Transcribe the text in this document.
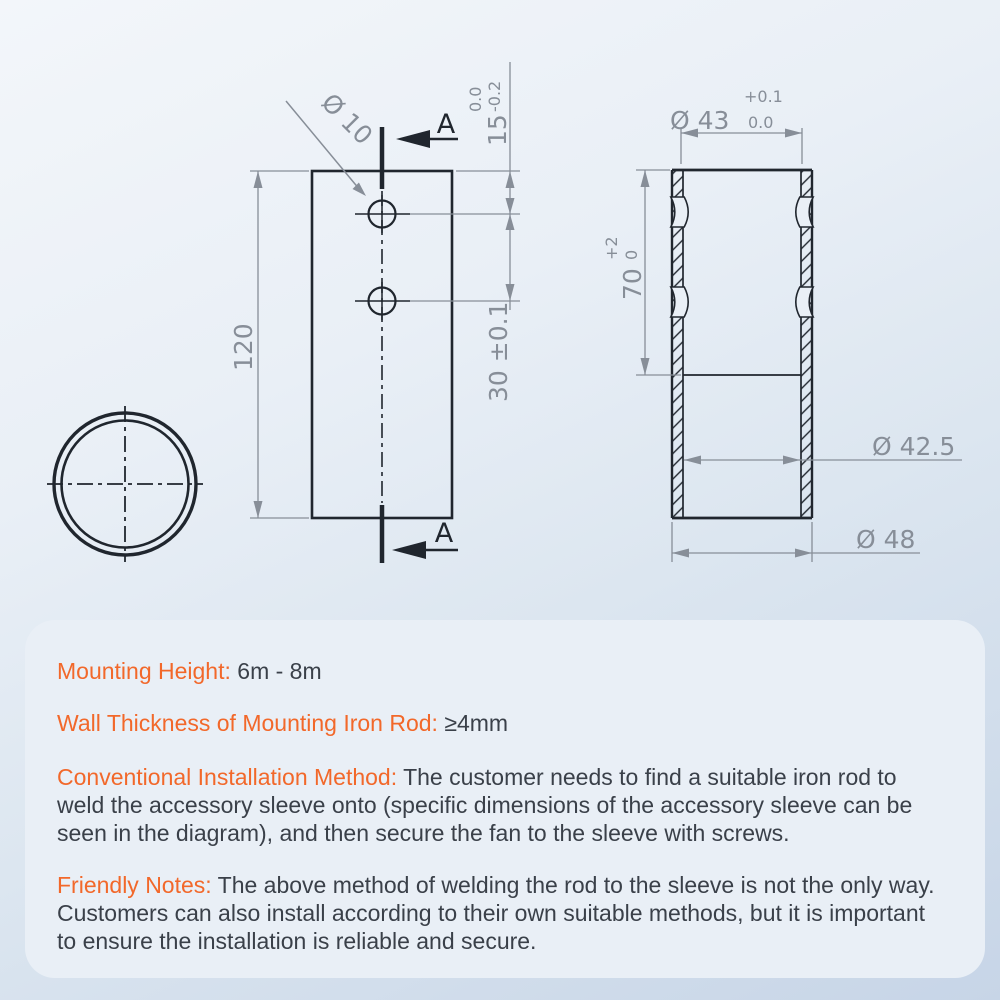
A
A
Ø 10
120
15
0.0 -0.2
30 ±0.1
Ø 43
+0.1
0.0
70
+2 0
Ø 42.5
Ø 48

Mounting Height: 6m - 8m

Wall Thickness of Mounting Iron Rod: ≥4mm

Conventional Installation Method: The customer needs to find a suitable iron rod to weld the accessory sleeve onto (specific dimensions of the accessory sleeve can be seen in the diagram), and then secure the fan to the sleeve with screws.

Friendly Notes: The above method of welding the rod to the sleeve is not the only way. Customers can also install according to their own suitable methods, but it is important to ensure the installation is reliable and secure.
